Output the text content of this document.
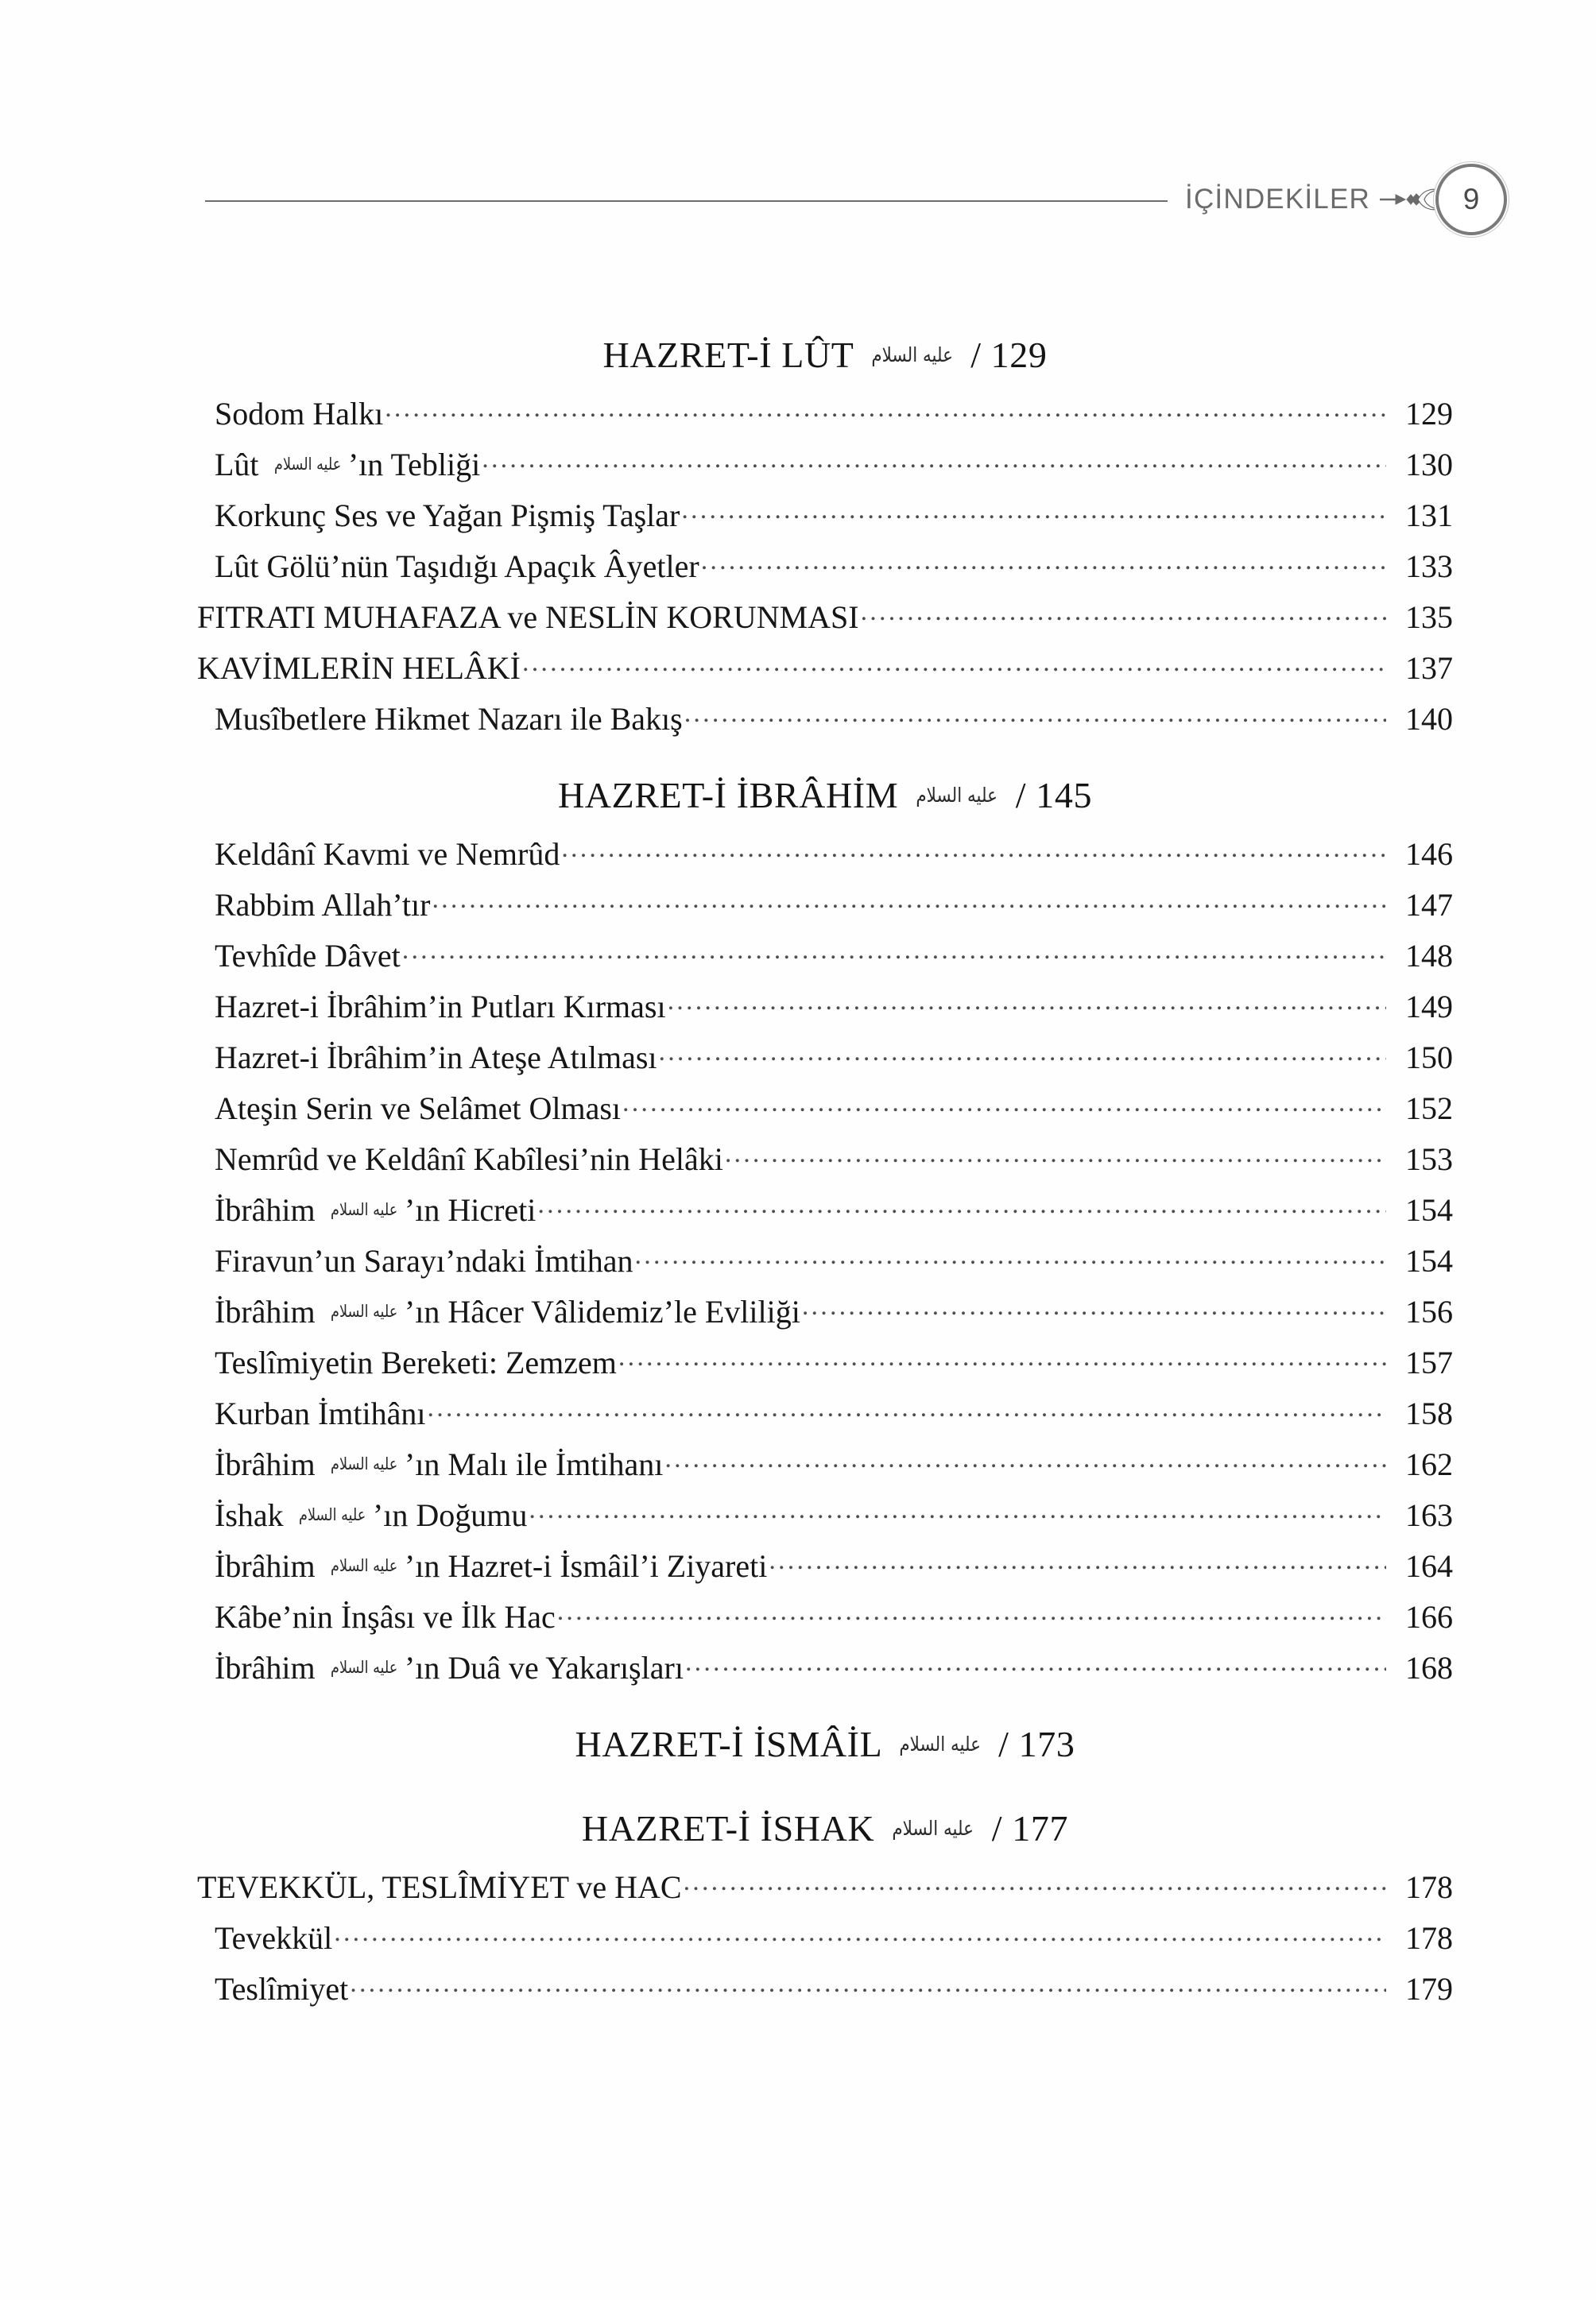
İÇİNDEKİLER	9
HAZRET-İ LÛT عليه السلام / 129
Sodom Halkı .....	129
Lût عليه السلام ’ın Tebliği .....	130
Korkunç Ses ve Yağan Pişmiş Taşlar .....	131
Lût Gölü’nün Taşıdığı Apaçık Âyetler .....	133
FITRATI MUHAFAZA ve NESLİN KORUNMASI .....	135
KAVİMLERİN HELÂKİ .....	137
Musîbetlere Hikmet Nazarı ile Bakış .....	140
HAZRET-İ İBRÂHİM عليه السلام / 145
Keldânî Kavmi ve Nemrûd .....	146
Rabbim Allah’tır .....	147
Tevhîde Dâvet .....	148
Hazret-i İbrâhim’in Putları Kırması .....	149
Hazret-i İbrâhim’in Ateşe Atılması .....	150
Ateşin Serin ve Selâmet Olması .....	152
Nemrûd ve Keldânî Kabîlesi’nin Helâki .....	153
İbrâhim عليه السلام ’ın Hicreti .....	154
Firavun’un Sarayı’ndaki İmtihan .....	154
İbrâhim عليه السلام ’ın Hâcer Vâlidemiz’le Evliliği .....	156
Teslîmiyetin Bereketi: Zemzem .....	157
Kurban İmtihânı .....	158
İbrâhim عليه السلام ’ın Malı ile İmtihanı .....	162
İshak عليه السلام ’ın Doğumu .....	163
İbrâhim عليه السلام ’ın Hazret-i İsmâil’i Ziyareti .....	164
Kâbe’nin İnşâsı ve İlk Hac .....	166
İbrâhim عليه السلام ’ın Duâ ve Yakarışları .....	168
HAZRET-İ İSMÂİL عليه السلام / 173
HAZRET-İ İSHAK عليه السلام / 177
TEVEKKÜL, TESLÎMİYET ve HAC .....	178
Tevekkül .....	178
Teslîmiyet .....	179
